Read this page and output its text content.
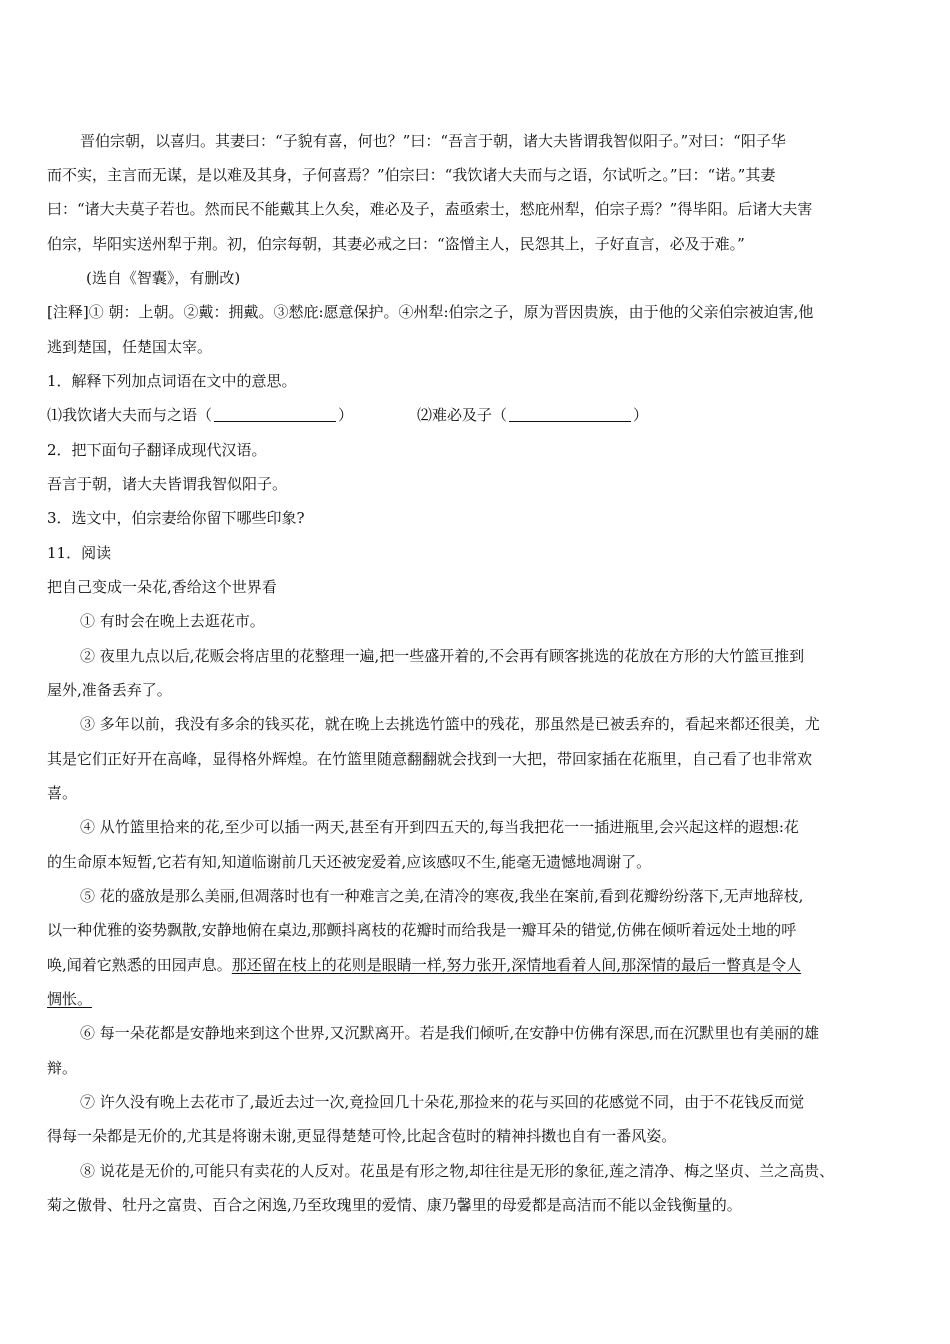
晋伯宗朝，以喜归。其妻曰：“子貌有喜，何也？”曰：“吾言于朝，诸大夫皆谓我智似阳子。”对曰：“阳子华
而不实，主言而无谋，是以难及其身，子何喜焉？”伯宗曰：“我饮诸大夫而与之语，尔试听之。”曰：“诺。”其妻
曰：“诸大夫莫子若也。然而民不能戴其上久矣，难必及子，盍亟索士，憖庇州犁，伯宗子焉？”得毕阳。后诸大夫害
伯宗，毕阳实送州犁于荆。初，伯宗每朝，其妻必戒之曰：“盗憎主人，民怨其上，子好直言，必及于难。”
(选自《智囊》，有删改)
[注释]① 朝：上朝。②戴：拥戴。③憖庇:愿意保护。④州犁:伯宗之子，原为晋因贵族，由于他的父亲伯宗被迫害,他
逃到楚国，任楚国太宰。
1．解释下列加点词语在文中的意思。
⑴我饮诸大夫而与之语（	）	⑵难必及子（	）
2．把下面句子翻译成现代汉语。
吾言于朝，诸大夫皆谓我智似阳子。
3．选文中，伯宗妻给你留下哪些印象?
11．阅读
把自己变成一朵花,香给这个世界看
① 有时会在晚上去逛花市。
② 夜里九点以后,花贩会将店里的花整理一遍,把一些盛开着的,不会再有顾客挑选的花放在方形的大竹篮亘推到
屋外,准备丢弃了。
③ 多年以前，我没有多余的钱买花，就在晚上去挑选竹篮中的残花，那虽然是已被丢弃的，看起来都还很美，尤
其是它们正好开在高峰，显得格外辉煌。在竹篮里随意翻翻就会找到一大把，带回家插在花瓶里，自己看了也非常欢
喜。
④ 从竹篮里拾来的花,至少可以插一两天,甚至有开到四五天的,每当我把花一一插进瓶里,会兴起这样的遐想:花
的生命原本短暂,它若有知,知道临谢前几天还被宠爱着,应该感叹不生,能毫无遗憾地凋谢了。
⑤ 花的盛放是那么美丽,但凋落时也有一种难言之美,在清冷的寒夜,我坐在案前,看到花瓣纷纷落下,无声地辞枝,
以一种优雅的姿势飘散,安静地俯在桌边,那颤抖离枝的花瓣时而给我是一瓣耳朵的错觉,仿佛在倾听着远处土地的呼
唤,闻着它熟悉的田园声息。那还留在枝上的花则是眼睛一样,努力张开,深情地看着人间,那深情的最后一瞥真是令人
惆怅。
⑥ 每一朵花都是安静地来到这个世界,又沉默离开。若是我们倾听,在安静中仿佛有深思,而在沉默里也有美丽的雄
辩。
⑦ 许久没有晚上去花市了,最近去过一次,竟捡回几十朵花,那捡来的花与买回的花感觉不同，由于不花钱反而觉
得每一朵都是无价的,尤其是将谢未谢,更显得楚楚可怜,比起含苞时的精神抖擞也自有一番风姿。
⑧ 说花是无价的,可能只有卖花的人反对。花虽是有形之物,却往往是无形的象征,莲之清净、梅之坚贞、兰之高贵、
菊之傲骨、牡丹之富贵、百合之闲逸,乃至玫瑰里的爱情、康乃馨里的母爱都是高洁而不能以金钱衡量的。
